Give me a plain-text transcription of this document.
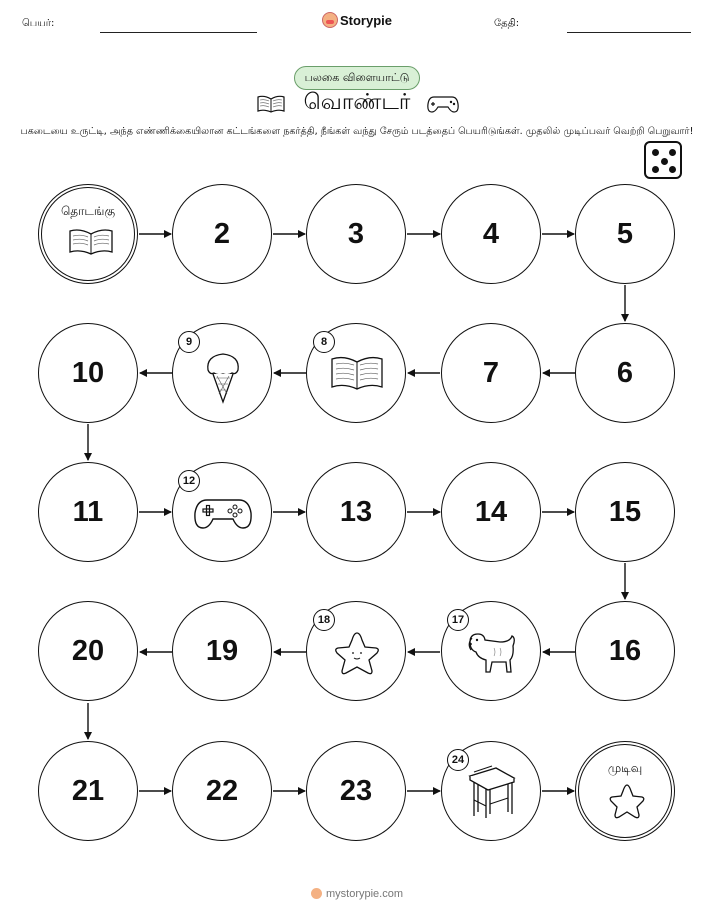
பெயர்:	Storypie	தேதி:
பலகை விளையாட்டு
வொண்டர்
பகடையை உருட்டி, அந்த எண்ணிக்கையிலான கட்டங்களை நகர்த்தி, நீங்கள் வந்து சேரும் படத்தைப் பெயரிடுங்கள். முதலில் முடிப்பவர் வெற்றி பெறுவார்!
தொடங்கு
2	3	4	5
10
9	8
7	6
11
12
13	14	15
20	19
18	17
16
21	22	23
24
முடிவு
mystorypie.com
